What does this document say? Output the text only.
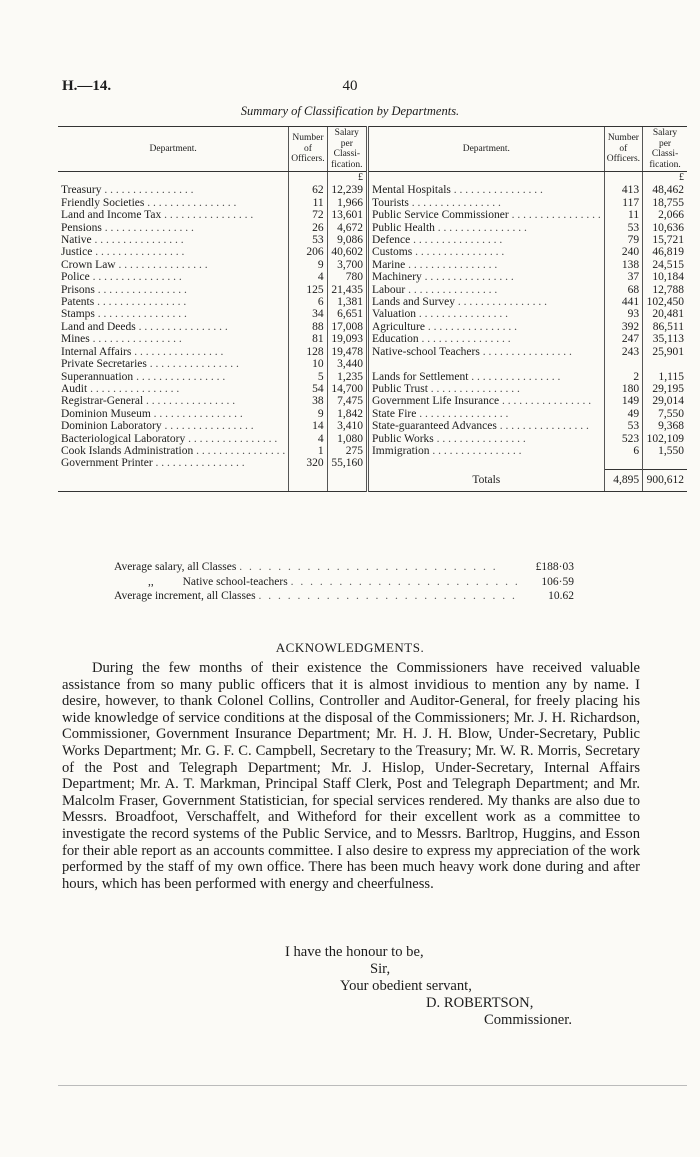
H.—14.	40
Summary of Classification by Departments.
Department.	Number
of
Officers.	Salary
per Classi-
fication.	Department.	Number
of
Officers.	Salary
per Classi-
fication.
		£			£
Treasury . . . . . . . . . . . . . . . .	62	12,239	Mental Hospitals . . . . . . . . . . . . . . . .	413	48,462
Friendly Societies . . . . . . . . . . . . . . . .	11	1,966	Tourists . . . . . . . . . . . . . . . .	117	18,755
Land and Income Tax . . . . . . . . . . . . . . . .	72	13,601	Public Service Commissioner . . . . . . . . . . . . . . . .	11	2,066
Pensions . . . . . . . . . . . . . . . .	26	4,672	Public Health . . . . . . . . . . . . . . . .	53	10,636
Native . . . . . . . . . . . . . . . .	53	9,086	Defence . . . . . . . . . . . . . . . .	79	15,721
Justice . . . . . . . . . . . . . . . .	206	40,602	Customs . . . . . . . . . . . . . . . .	240	46,819
Crown Law . . . . . . . . . . . . . . . .	9	3,700	Marine . . . . . . . . . . . . . . . .	138	24,515
Police . . . . . . . . . . . . . . . .	4	780	Machinery . . . . . . . . . . . . . . . .	37	10,184
Prisons . . . . . . . . . . . . . . . .	125	21,435	Labour . . . . . . . . . . . . . . . .	68	12,788
Patents . . . . . . . . . . . . . . . .	6	1,381	Lands and Survey . . . . . . . . . . . . . . . .	441	102,450
Stamps . . . . . . . . . . . . . . . .	34	6,651	Valuation . . . . . . . . . . . . . . . .	93	20,481
Land and Deeds . . . . . . . . . . . . . . . .	88	17,008	Agriculture . . . . . . . . . . . . . . . .	392	86,511
Mines . . . . . . . . . . . . . . . .	81	19,093	Education . . . . . . . . . . . . . . . .	247	35,113
Internal Affairs . . . . . . . . . . . . . . . .	128	19,478	Native-school Teachers . . . . . . . . . . . . . . . .	243	25,901
Private Secretaries . . . . . . . . . . . . . . . .	10	3,440			
Superannuation . . . . . . . . . . . . . . . .	5	1,235	Lands for Settlement . . . . . . . . . . . . . . . .	2	1,115
Audit . . . . . . . . . . . . . . . .	54	14,700	Public Trust . . . . . . . . . . . . . . . .	180	29,195
Registrar-General . . . . . . . . . . . . . . . .	38	7,475	Government Life Insurance . . . . . . . . . . . . . . . .	149	29,014
Dominion Museum . . . . . . . . . . . . . . . .	9	1,842	State Fire . . . . . . . . . . . . . . . .	49	7,550
Dominion Laboratory . . . . . . . . . . . . . . . .	14	3,410	State-guaranteed Advances . . . . . . . . . . . . . . . .	53	9,368
Bacteriological Laboratory . . . . . . . . . . . . . . . .	4	1,080	Public Works . . . . . . . . . . . . . . . .	523	102,109
Cook Islands Administration . . . . . . . . . . . . . . . .	1	275	Immigration . . . . . . . . . . . . . . . .	6	1,550
Government Printer . . . . . . . . . . . . . . . .	320	55,160			
			Totals	4,895	900,612
Average salary, all Classes . . . . . . . . . . . . . . . . . . . . . . . . . . .	£188·03
,,	Native school-teachers . . . . . . . . . . . . . . . . . . . . . . . .	106·59
Average increment, all Classes . . . . . . . . . . . . . . . . . . . . . . . . . . .	10.62
ACKNOWLEDGMENTS.
During the few months of their existence the Commissioners have received valuable assistance from so many public officers that it is almost invidious to mention any by name. I desire, however, to thank Colonel Collins, Controller and Auditor-General, for freely placing his wide knowledge of service conditions at the disposal of the Commissioners; Mr. J. H. Richardson, Commissioner, Government Insurance Department; Mr. H. J. H. Blow, Under-Secretary, Public Works Department; Mr. G. F. C. Campbell, Secretary to the Treasury; Mr. W. R. Morris, Secretary of the Post and Telegraph Department; Mr. J. Hislop, Under-Secretary, Internal Affairs Department; Mr. A. T. Markman, Principal Staff Clerk, Post and Telegraph Department; and Mr. Malcolm Fraser, Government Statistician, for special services rendered. My thanks are also due to Messrs. Broadfoot, Verschaffelt, and Witheford for their excellent work as a committee to investigate the record systems of the Public Service, and to Messrs. Barltrop, Huggins, and Esson for their able report as an accounts committee. I also desire to express my appreciation of the work performed by the staff of my own office. There has been much heavy work done during and after hours, which has been performed with energy and cheerfulness.
I have the honour to be,
Sir,
Your obedient servant,
D. ROBERTSON,
Commissioner.
